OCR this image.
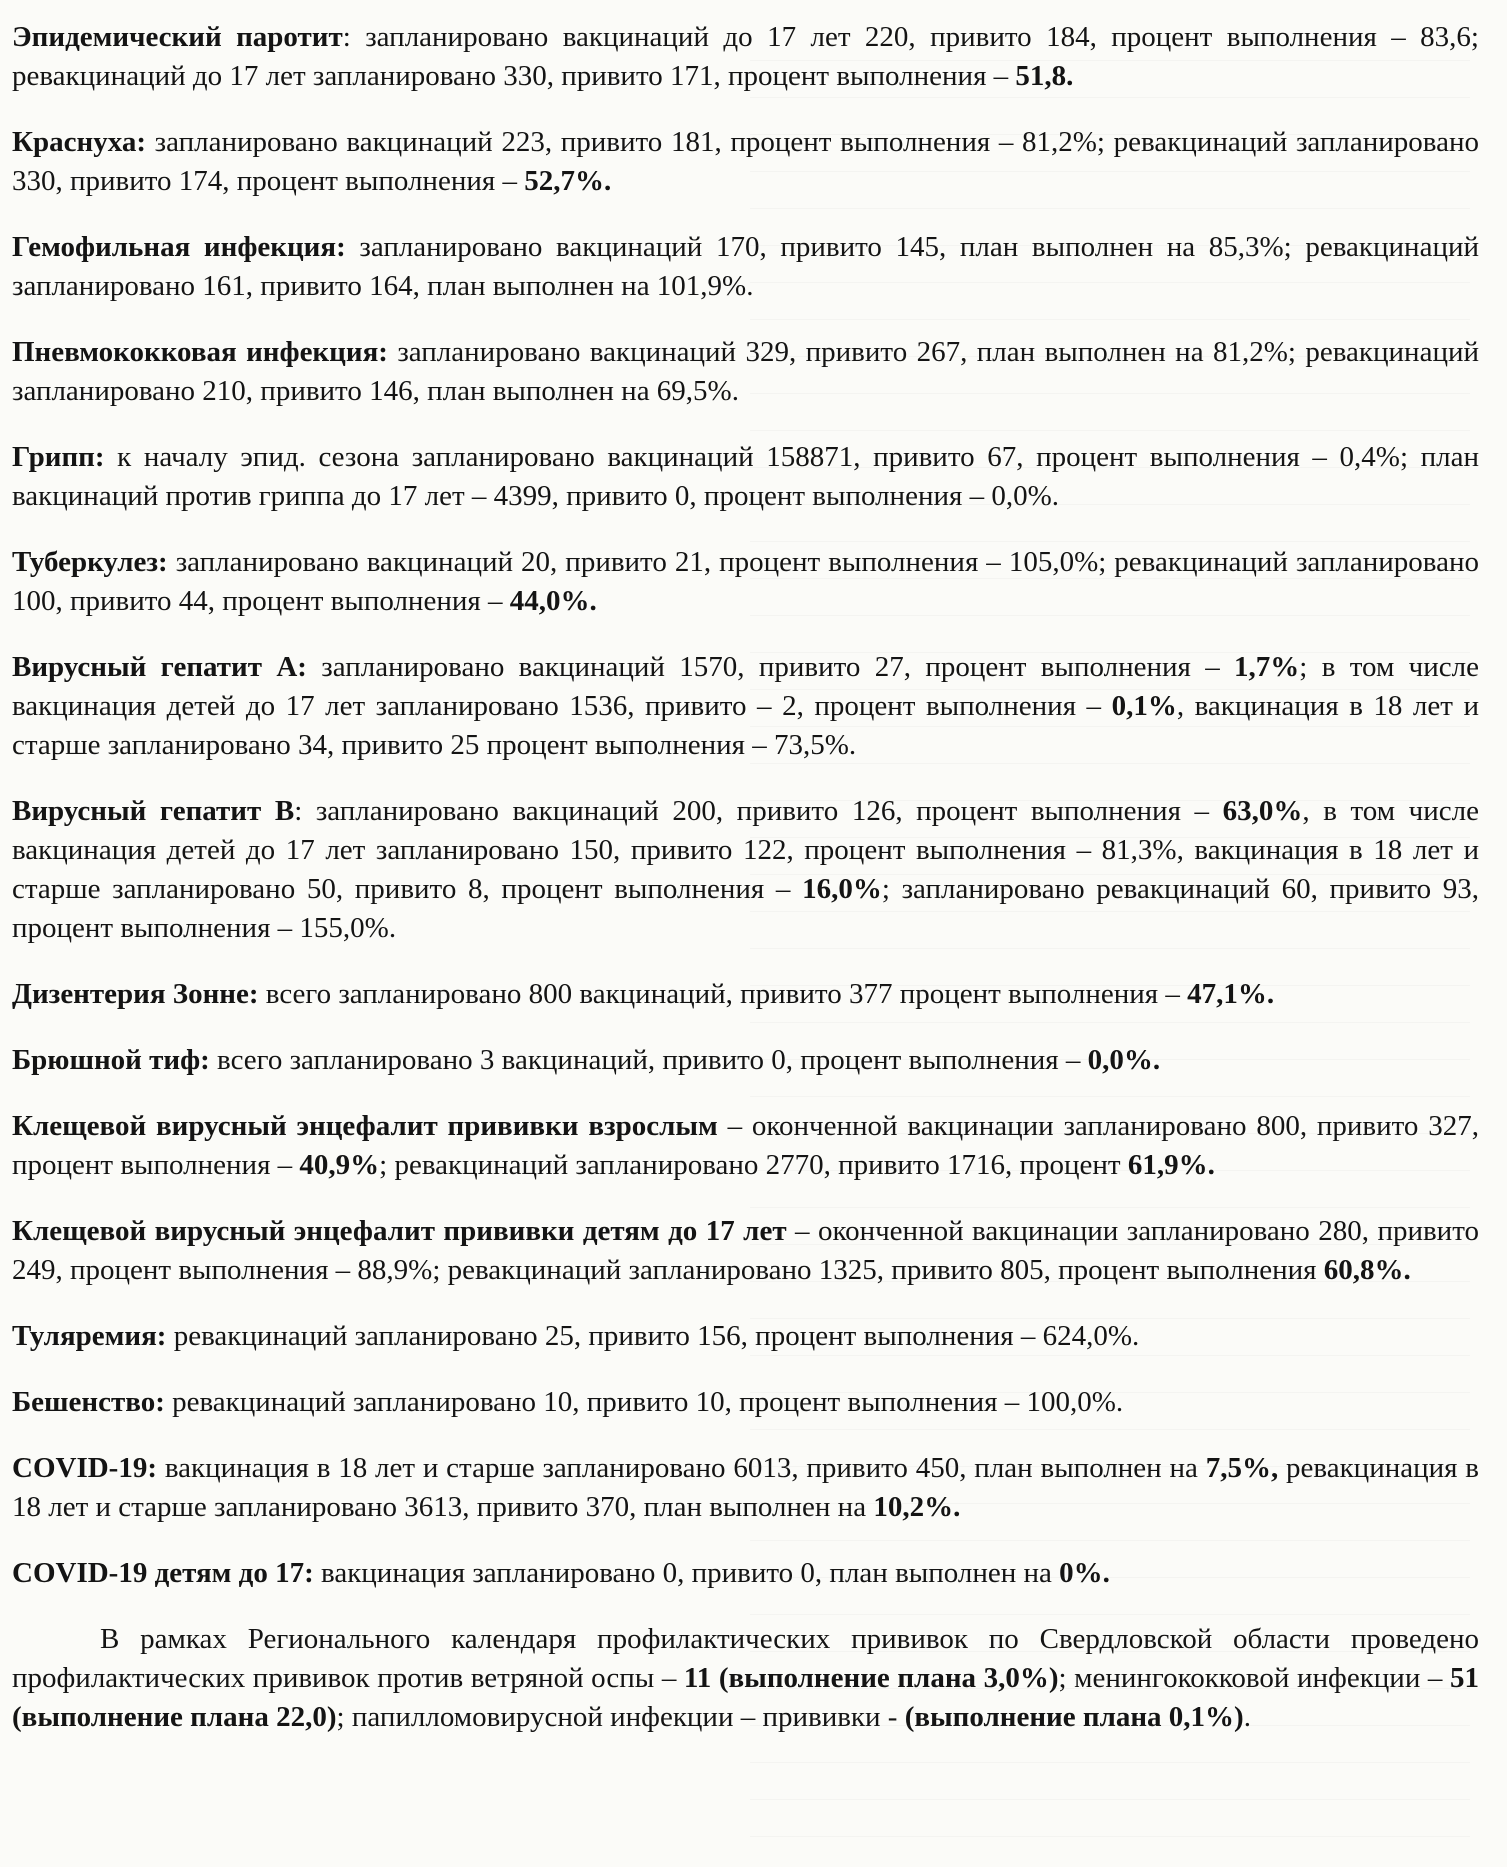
Эпидемический паротит: запланировано вакцинаций до 17 лет 220, привито 184, процент выполнения – 83,6; ревакцинаций до 17 лет запланировано 330, привито 171, процент выполнения – 51,8.

Краснуха: запланировано вакцинаций 223, привито 181, процент выполнения – 81,2%; ревакцинаций запланировано 330, привито 174, процент выполнения – 52,7%.

Гемофильная инфекция: запланировано вакцинаций 170, привито 145, план выполнен на 85,3%; ревакцинаций запланировано 161, привито 164, план выполнен на 101,9%.

Пневмококковая инфекция: запланировано вакцинаций 329, привито 267, план выполнен на 81,2%; ревакцинаций запланировано 210, привито 146, план выполнен на 69,5%.

Грипп: к началу эпид. сезона запланировано вакцинаций 158871, привито 67, процент выполнения – 0,4%; план вакцинаций против гриппа до 17 лет – 4399, привито 0, процент выполнения – 0,0%.

Туберкулез: запланировано вакцинаций 20, привито 21, процент выполнения – 105,0%; ревакцинаций запланировано 100, привито 44, процент выполнения – 44,0%.

Вирусный гепатит А: запланировано вакцинаций 1570, привито 27, процент выполнения – 1,7%; в том числе вакцинация детей до 17 лет запланировано 1536, привито – 2, процент выполнения – 0,1%, вакцинация в 18 лет и старше запланировано 34, привито 25 процент выполнения – 73,5%.

Вирусный гепатит В: запланировано вакцинаций 200, привито 126, процент выполнения – 63,0%, в том числе вакцинация детей до 17 лет запланировано 150, привито 122, процент выполнения – 81,3%, вакцинация в 18 лет и старше запланировано 50, привито 8, процент выполнения – 16,0%; запланировано ревакцинаций 60, привито 93, процент выполнения – 155,0%.

Дизентерия Зонне: всего запланировано 800 вакцинаций, привито 377 процент выполнения – 47,1%.

Брюшной тиф: всего запланировано 3 вакцинаций, привито 0, процент выполнения – 0,0%.

Клещевой вирусный энцефалит прививки взрослым – оконченной вакцинации запланировано 800, привито 327, процент выполнения – 40,9%; ревакцинаций запланировано 2770, привито 1716, процент 61,9%.

Клещевой вирусный энцефалит прививки детям до 17 лет – оконченной вакцинации запланировано 280, привито 249, процент выполнения – 88,9%; ревакцинаций запланировано 1325, привито 805, процент выполнения 60,8%.

Туляремия: ревакцинаций запланировано 25, привито 156, процент выполнения – 624,0%.

Бешенство: ревакцинаций запланировано 10, привито 10, процент выполнения – 100,0%.

COVID-19: вакцинация в 18 лет и старше запланировано 6013, привито 450, план выполнен на 7,5%, ревакцинация в 18 лет и старше запланировано 3613, привито 370, план выполнен на 10,2%.

COVID-19 детям до 17: вакцинация запланировано 0, привито 0, план выполнен на 0%.

В рамках Регионального календаря профилактических прививок по Свердловской области проведено профилактических прививок против ветряной оспы – 11 (выполнение плана 3,0%); менингококковой инфекции – 51 (выполнение плана 22,0); папилломовирусной инфекции – прививки - (выполнение плана 0,1%).
